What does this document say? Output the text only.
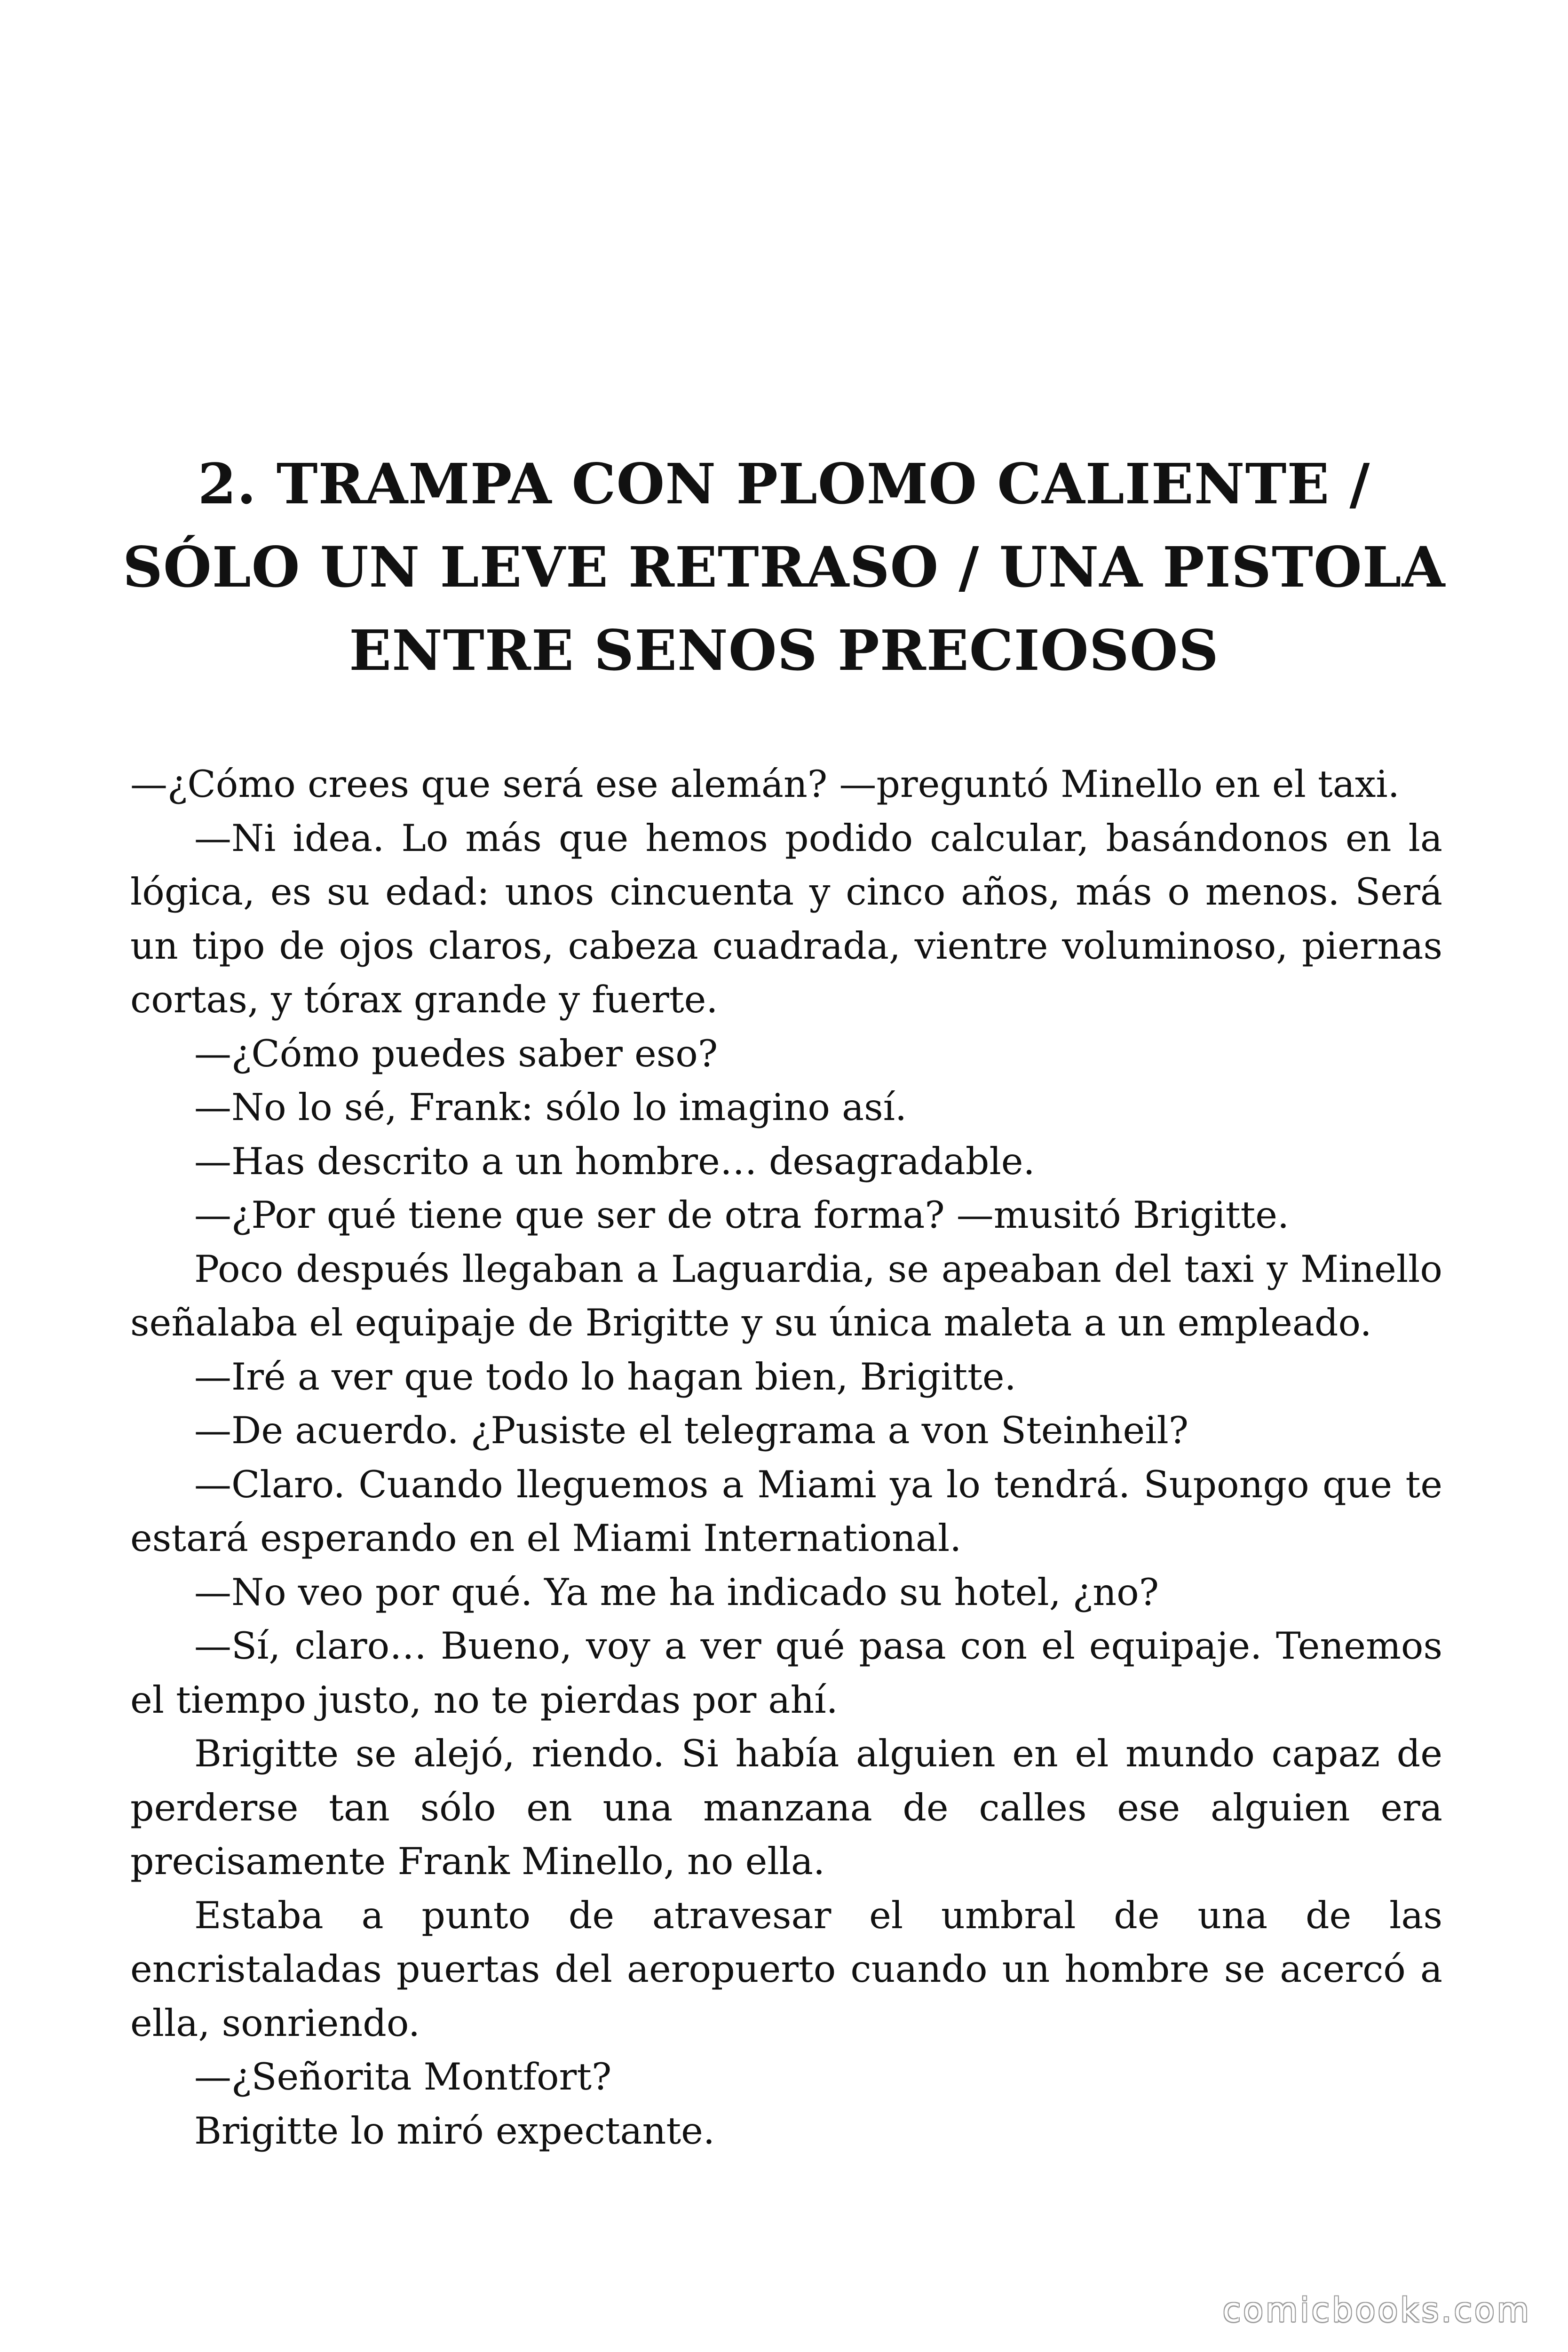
2. TRAMPA CON PLOMO CALIENTE /
SÓLO UN LEVE RETRASO / UNA PISTOLA
ENTRE SENOS PRECIOSOS

—¿Cómo crees que será ese alemán? —preguntó Minello en el taxi.

—Ni idea. Lo más que hemos podido calcular, basándonos en la lógica, es su edad: unos cincuenta y cinco años, más o menos. Será un tipo de ojos claros, cabeza cuadrada, vientre voluminoso, piernas cortas, y tórax grande y fuerte.

—¿Cómo puedes saber eso?

—No lo sé, Frank: sólo lo imagino así.

—Has descrito a un hombre… desagradable.

—¿Por qué tiene que ser de otra forma? —musitó Brigitte.

Poco después llegaban a Laguardia, se apeaban del taxi y Minello señalaba el equipaje de Brigitte y su única maleta a un empleado.

—Iré a ver que todo lo hagan bien, Brigitte.

—De acuerdo. ¿Pusiste el telegrama a von Steinheil?

—Claro. Cuando lleguemos a Miami ya lo tendrá. Supongo que te estará esperando en el Miami International.

—No veo por qué. Ya me ha indicado su hotel, ¿no?

—Sí, claro… Bueno, voy a ver qué pasa con el equipaje. Tenemos el tiempo justo, no te pierdas por ahí.

Brigitte se alejó, riendo. Si había alguien en el mundo capaz de perderse tan sólo en una manzana de calles ese alguien era precisamente Frank Minello, no ella.

Estaba a punto de atravesar el umbral de una de las encristaladas puertas del aeropuerto cuando un hombre se acercó a ella, sonriendo.

—¿Señorita Montfort?

Brigitte lo miró expectante.

comicbooks.com
